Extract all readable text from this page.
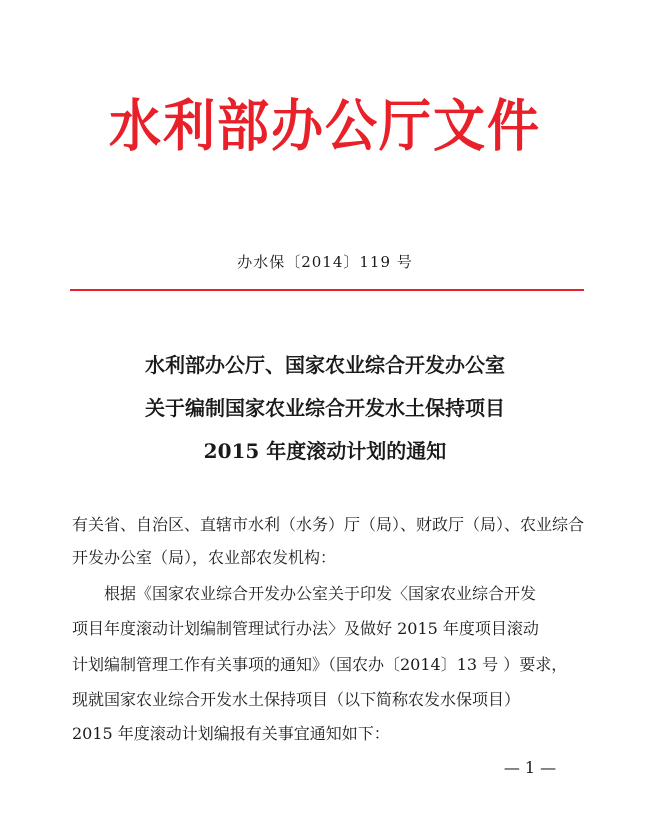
水利部办公厅文件
办水保〔2014〕119 号
水利部办公厅、国家农业综合开发办公室
关于编制国家农业综合开发水土保持项目
2015 年度滚动计划的通知
有关省、自治区、直辖市水利（水务）厅（局）、财政厅（局）、农业综合
开发办公室（局），农业部农发机构：
根据《国家农业综合开发办公室关于印发〈国家农业综合开发
项目年度滚动计划编制管理试行办法〉及做好 2015 年度项目滚动
计划编制管理工作有关事项的通知》（国农办〔2014〕13 号 ）要求，
现就国家农业综合开发水土保持项目（以下简称农发水保项目）
2015 年度滚动计划编报有关事宜通知如下：
— 1 —
